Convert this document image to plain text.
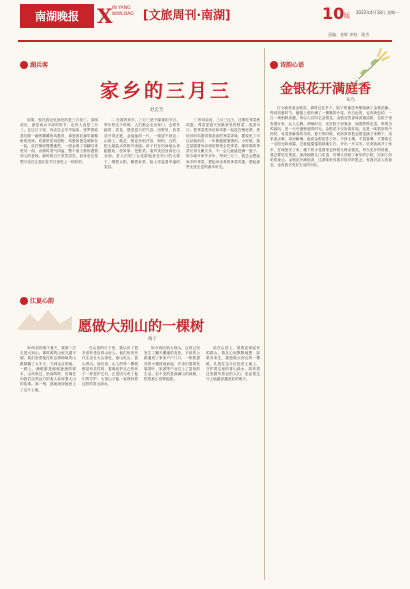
南湖晚报 X IN YANG
WAN BAO [文旅周刊·南湖]	10 版
2022年4月18日 星期一
责编：金辉 审校：陈杰
湖兵客
家乡的三月三
赵忠芳

如果，留在我记忆深处的是三月初三。清明前后，最是雨水丰沛的时节，也有人说是三月三。在这日子里，母亲总会早早起床，张罗着给我们做一碗热腾腾的鸡蛋饼，那是我们童年最期盼的美味。鸡蛋饼是用面粉、鸡蛋和葱花调和在一起，放在锅里慢慢地煎，一面金黄了再翻过来煎另一面，出锅时香气四溢，整个屋子都弥漫着诱人的香味。那时候日子虽然清苦，但母亲总是想方设法让我们在节日里吃上一顿好的。

二 在我的家乡，三月三是个隆重的节日。每年的这个时候，人们都会走出家门，去郊外踏青、赏花，感受春天的气息。田野里，油菜花开得正艳，金灿灿的一片，一眼望不到边；山坡上，桃花、梨花争相开放，粉的、白的，把大地装点得格外美丽。孩子们在田间地头奔跑嬉戏，放风筝、挖野菜，欢声笑语回荡在山谷间。老人们则三五成群地坐在村口的大树下，晒着太阳，聊着家常，脸上洋溢着幸福的笑容。

三 听母亲说，三月三这天，还要吃荠菜煮鸡蛋。荠菜是春天里最常见的野菜，清香可口。把荠菜洗净后和鸡蛋一起放在锅里煮，煮好后的鸡蛋带着淡淡的荠菜香味，据说吃了可以祛病消灾，一年都健健康康的。小时候，我总是跟着母亲到田野里去挖荠菜，那时候的荠菜长得又嫩又多，不一会儿就能挖满一篮子。如今离开家乡多年，每到三月三，我总会想起家乡的荠菜，想起母亲煮的荠菜鸡蛋，想起那些无忧无虑的童年时光。

诗韵心语
金银花开满庭香
布鸟

打小就喜欢金银花，那时住在乡下，院子的篱笆旁便爬满了金银花藤。每到初夏时节，藤蔓上便开满了一簇簇的小花，有白色的，也有黄色的，一白一黄相映成趣，所以人们叫它金银花。金银花的香味淡雅清新，在院子里弥漫开来，沁人心脾。傍晚时分，坐在院子里乘凉，闻着阵阵花香，听着虫鸣蛙叫，是一天中最惬意的时光。金银花不仅好看好闻，还是一味很好的中药材，有清热解毒的功效。夏天的时候，奶奶常常把金银花摘下来晒干，用来泡水喝，清凉解暑。她说金银花性子好，不择土壤，不畏寒暑，只要给它一点阳光和雨露，它就能蓬蓬勃勃地生长，开出一片芬芳。后来我离开了家乡，在城里安了家，楼下的小花园里也种着几株金银花。每当花开的时候，我总要驻足观赏，深深地吸几口花香，仿佛又回到了童年的小院，回到了奶奶的身边。金银花开满庭香，这香味里有我对故乡的思念，有我对亲人的眷恋，也有我对美好生活的向往。

江夏心韵
愿做大别山的一棵树
梅子

30年前的那个夏天，我第一次走进大别山。那时候的山里交通不便，我们坐着拖拉机沿着崎岖的山路颠簸了大半天，才到达目的地。一路上，满眼都是郁郁葱葱的树木，山风吹过，松涛阵阵，仿佛在向我们这些远方的客人诉说着大山的故事。那一刻，我就深深地爱上了这片土地。

在山里的日子里，我认识了很多淳朴善良的山里人。他们世世代代生活在大山深处，靠山吃山，靠山养山。他们说，山上的每一棵树都是有灵性的，要像爱护自己的孩子一样爱护它们。正是因为有了他们的守护，大别山才能一直保持着这样的青山绿水。

如今再回到大别山，这里已经发生了翻天覆地的变化。平坦的公路通到了家家户户门口，一栋栋漂亮的小楼拔地而起，乡亲们靠着发展茶叶、旅游等产业过上了富裕的生活。但不变的是那满山的绿树，依然那么苍翠挺拔。

站在山顶上，望着连绵起伏的群山，我在心里默默地想：如果有来生，我愿做大别山的一棵树，扎根在这片红色的土地上，守护着这里的青山绿水，陪伴着这里勤劳善良的人们，见证着这片土地越来越美好的明天。
